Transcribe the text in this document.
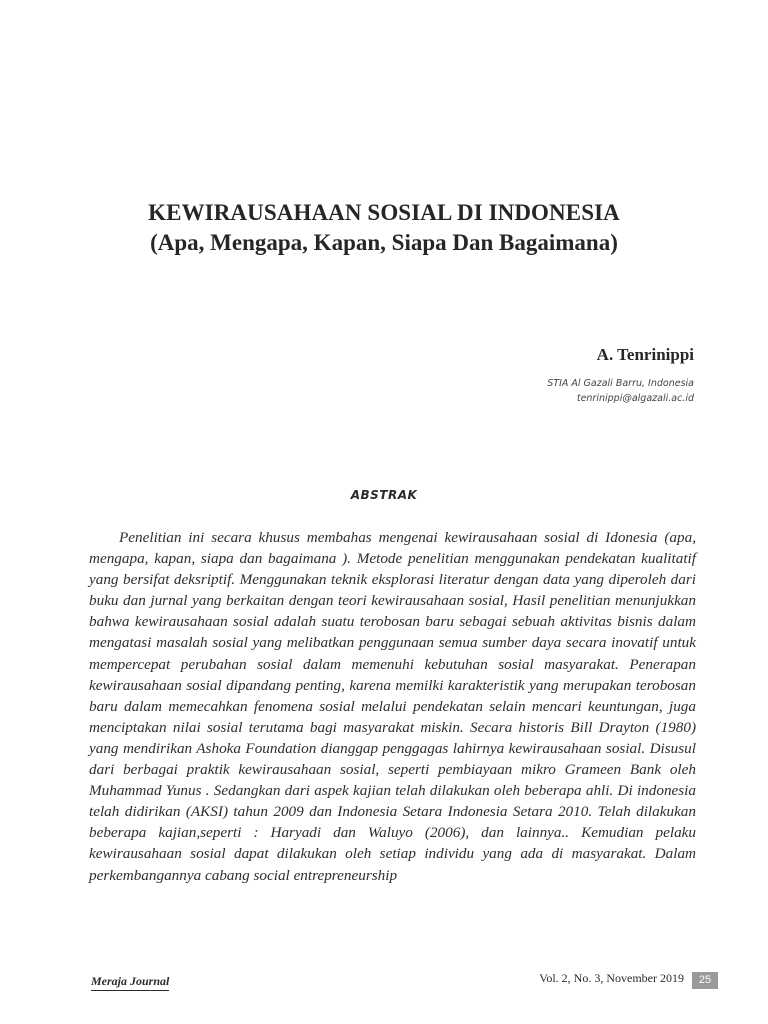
KEWIRAUSAHAAN SOSIAL DI INDONESIA
(Apa, Mengapa, Kapan, Siapa Dan Bagaimana)
A. Tenrinippi
STIA Al Gazali Barru, Indonesia
tenrinippi@algazali.ac.id
ABSTRAK

Penelitian ini secara khusus membahas mengenai kewirausahaan sosial di Idonesia (apa, mengapa, kapan, siapa dan bagaimana ). Metode penelitian menggunakan pendekatan kualitatif yang bersifat deksriptif. Menggunakan teknik eksplorasi literatur dengan data yang diperoleh dari buku dan jurnal yang berkaitan dengan teori kewirausahaan sosial, Hasil penelitian menunjukkan bahwa kewirausahaan sosial adalah suatu terobosan baru sebagai sebuah aktivitas bisnis dalam mengatasi masalah sosial yang melibatkan penggunaan semua sumber daya secara inovatif untuk mempercepat perubahan sosial dalam memenuhi kebutuhan sosial masyarakat. Penerapan kewirausahaan sosial dipandang penting, karena memilki karakteristik yang merupakan terobosan baru dalam memecahkan fenomena sosial melalui pendekatan selain mencari keuntungan, juga menciptakan nilai sosial terutama bagi masyarakat miskin. Secara historis Bill Drayton (1980) yang mendirikan Ashoka Foundation dianggap penggagas lahirnya kewirausahaan sosial. Disusul dari berbagai praktik kewirausahaan sosial, seperti pembiayaan mikro Grameen Bank oleh Muhammad Yunus . Sedangkan dari aspek kajian telah dilakukan oleh beberapa ahli. Di indonesia telah didirikan (AKSI) tahun 2009 dan Indonesia Setara Indonesia Setara 2010. Telah dilakukan beberapa kajian,seperti : Haryadi dan Waluyo (2006), dan lainnya.. Kemudian pelaku kewirausahaan sosial dapat dilakukan oleh setiap individu yang ada di masyarakat. Dalam perkembangannya cabang social entrepreneurship

Meraja Journal	Vol. 2, No. 3, November 2019	25
